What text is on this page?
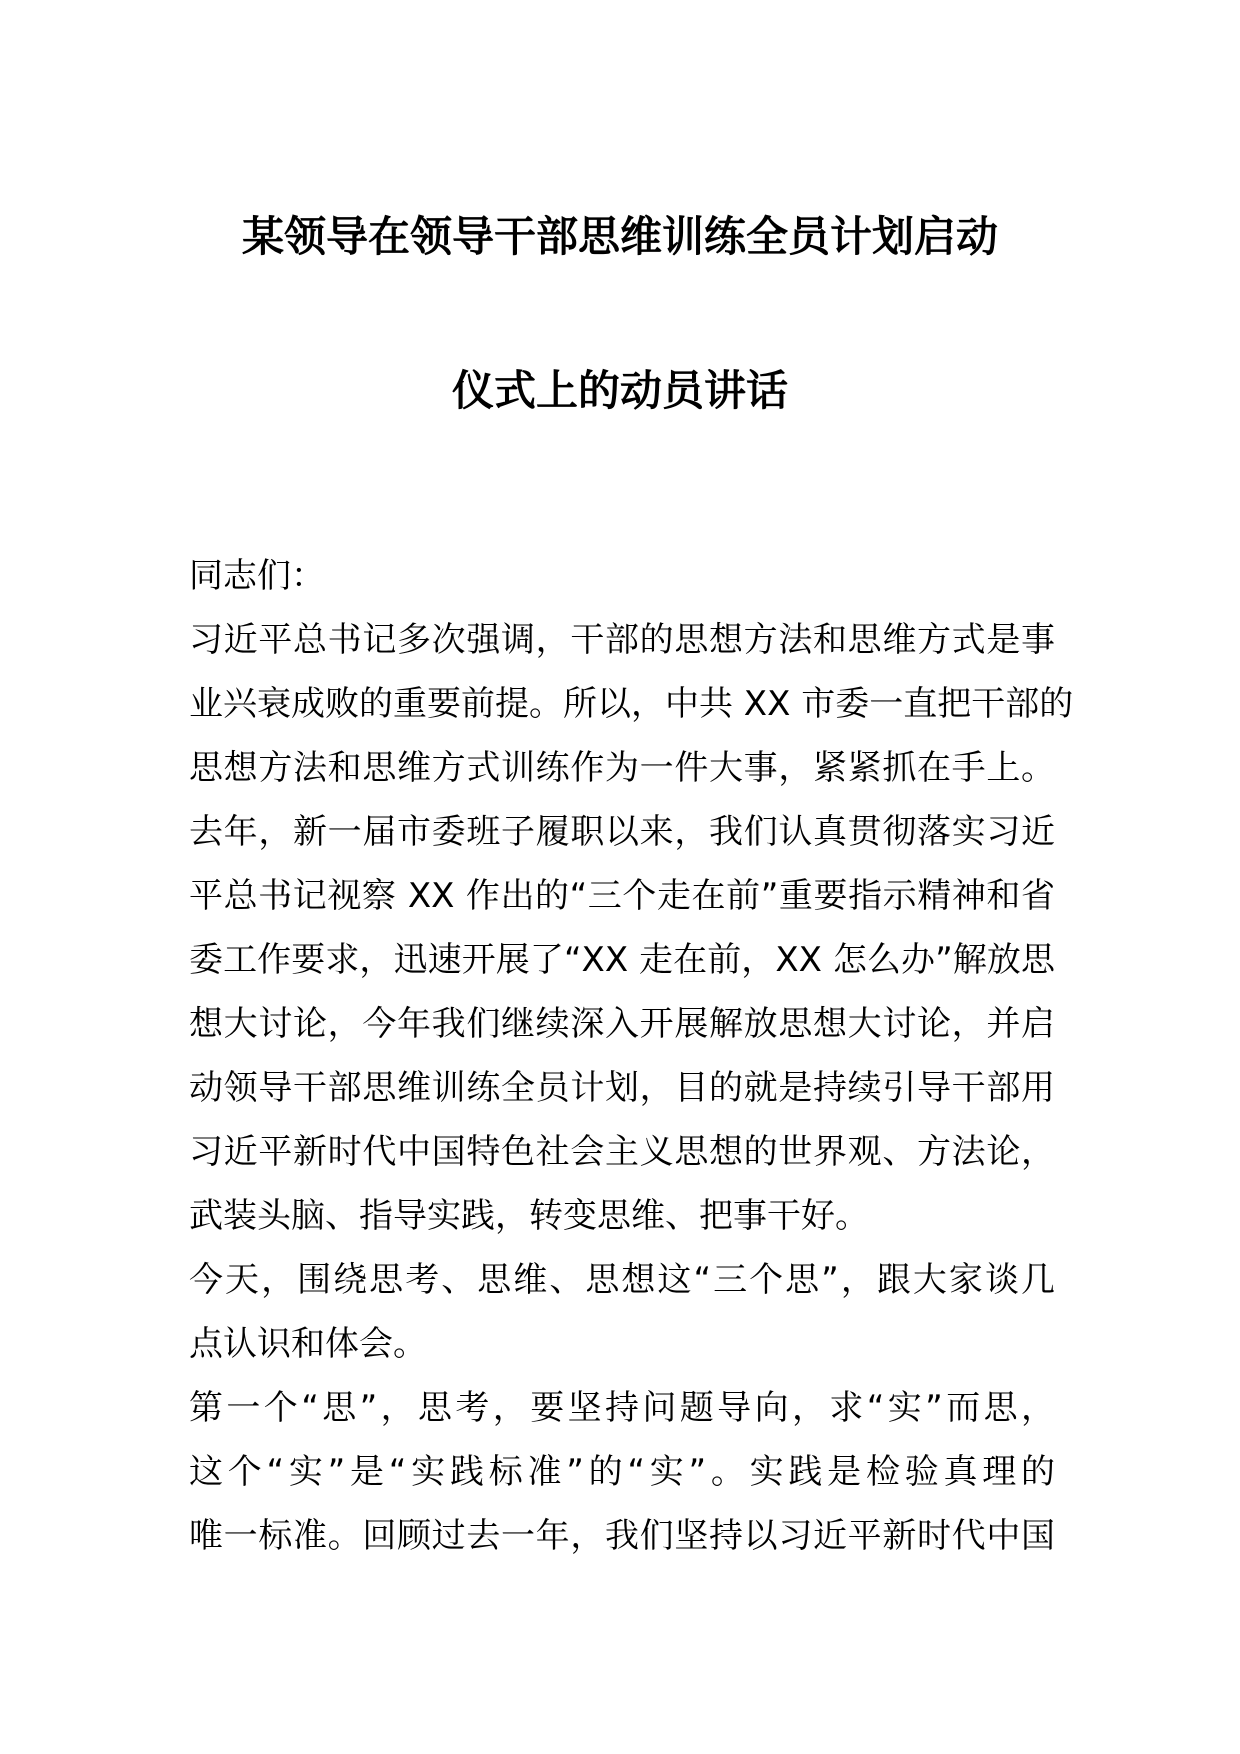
某领导在领导干部思维训练全员计划启动
仪式上的动员讲话
同志们：
习近平总书记多次强调，干部的思想方法和思维方式是事
业兴衰成败的重要前提。所以，中共 XX 市委一直把干部的
思想方法和思维方式训练作为一件大事，紧紧抓在手上。
去年，新一届市委班子履职以来，我们认真贯彻落实习近
平总书记视察 XX 作出的“三个走在前”重要指示精神和省
委工作要求，迅速开展了“XX 走在前，XX 怎么办”解放思
想大讨论，今年我们继续深入开展解放思想大讨论，并启
动领导干部思维训练全员计划，目的就是持续引导干部用
习近平新时代中国特色社会主义思想的世界观、方法论，
武装头脑、指导实践，转变思维、把事干好。
今天，围绕思考、思维、思想这“三个思”，跟大家谈几
点认识和体会。
第一个“思”，思考，要坚持问题导向，求“实”而思，
这个“实”是“实践标准”的“实”。实践是检验真理的
唯一标准。回顾过去一年，我们坚持以习近平新时代中国
